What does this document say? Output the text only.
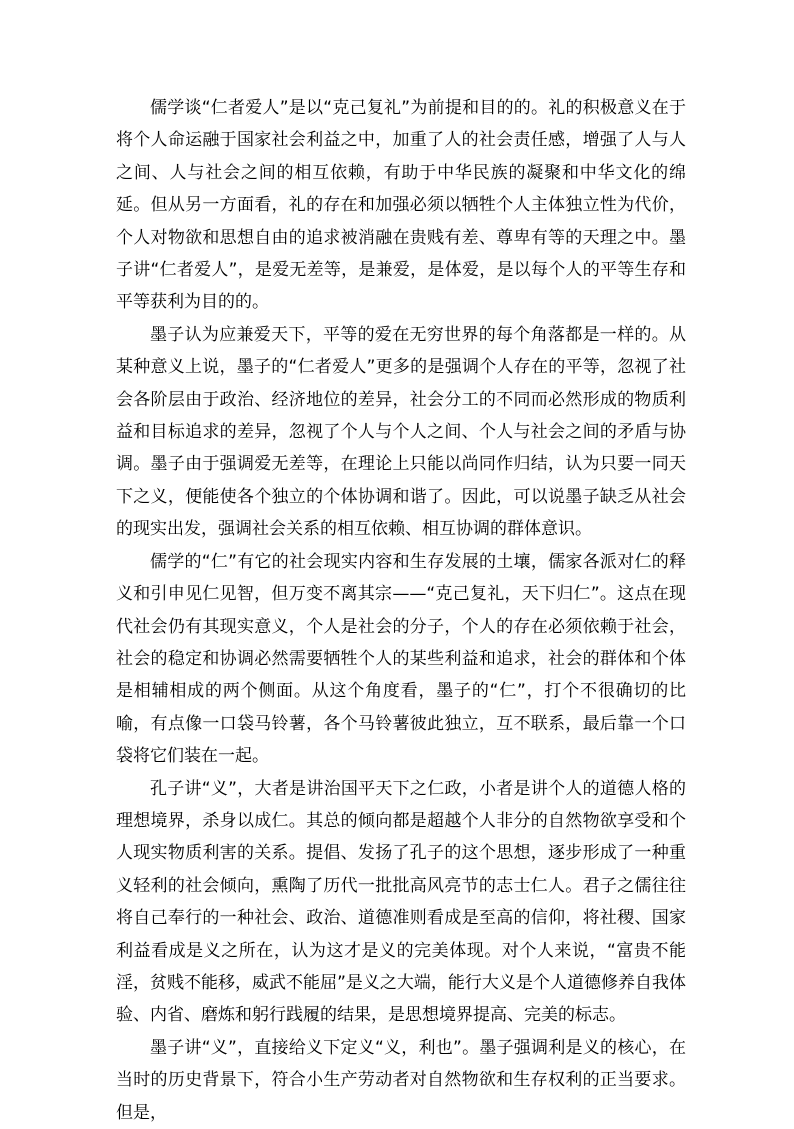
儒学谈“仁者爱人”是以“克己复礼”为前提和目的的。礼的积极意义在于将个人命运融于国家社会利益之中，加重了人的社会责任感，增强了人与人之间、人与社会之间的相互依赖，有助于中华民族的凝聚和中华文化的绵延。但从另一方面看，礼的存在和加强必须以牺牲个人主体独立性为代价，个人对物欲和思想自由的追求被消融在贵贱有差、尊卑有等的天理之中。墨子讲“仁者爱人”，是爱无差等，是兼爱，是体爱，是以每个人的平等生存和平等获利为目的的。

墨子认为应兼爱天下，平等的爱在无穷世界的每个角落都是一样的。从某种意义上说，墨子的“仁者爱人”更多的是强调个人存在的平等，忽视了社会各阶层由于政治、经济地位的差异，社会分工的不同而必然形成的物质利益和目标追求的差异，忽视了个人与个人之间、个人与社会之间的矛盾与协调。墨子由于强调爱无差等，在理论上只能以尚同作归结，认为只要一同天下之义，便能使各个独立的个体协调和谐了。因此，可以说墨子缺乏从社会的现实出发，强调社会关系的相互依赖、相互协调的群体意识。

儒学的“仁”有它的社会现实内容和生存发展的土壤，儒家各派对仁的释义和引申见仁见智，但万变不离其宗——“克己复礼，天下归仁”。这点在现代社会仍有其现实意义，个人是社会的分子，个人的存在必须依赖于社会，社会的稳定和协调必然需要牺牲个人的某些利益和追求，社会的群体和个体是相辅相成的两个侧面。从这个角度看，墨子的“仁”，打个不很确切的比喻，有点像一口袋马铃薯，各个马铃薯彼此独立，互不联系，最后靠一个口袋将它们装在一起。

孔子讲“义”，大者是讲治国平天下之仁政，小者是讲个人的道德人格的理想境界，杀身以成仁。其总的倾向都是超越个人非分的自然物欲享受和个人现实物质利害的关系。提倡、发扬了孔子的这个思想，逐步形成了一种重义轻利的社会倾向，熏陶了历代一批批高风亮节的志士仁人。君子之儒往往将自己奉行的一种社会、政治、道德准则看成是至高的信仰，将社稷、国家利益看成是义之所在，认为这才是义的完美体现。对个人来说，“富贵不能淫，贫贱不能移，威武不能屈”是义之大端，能行大义是个人道德修养自我体验、内省、磨炼和躬行践履的结果，是思想境界提高、完美的标志。

墨子讲“义”，直接给义下定义“义，利也”。墨子强调利是义的核心，在当时的历史背景下，符合小生产劳动者对自然物欲和生存权利的正当要求。但是，
